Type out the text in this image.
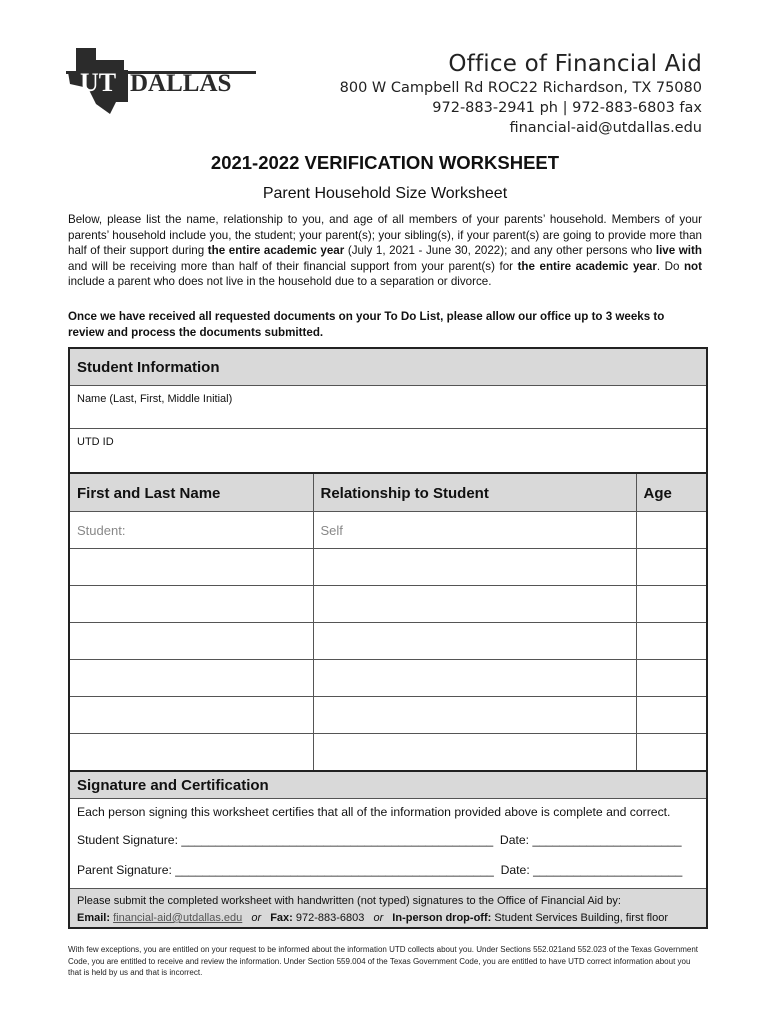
UT DALLAS
Office of Financial Aid
800 W Campbell Rd ROC22 Richardson, TX 75080
972-883-2941 ph | 972-883-6803 fax
financial-aid@utdallas.edu
2021-2022 VERIFICATION WORKSHEET
Parent Household Size Worksheet
Below, please list the name, relationship to you, and age of all members of your parents’ household. Members of your parents’ household include you, the student; your parent(s); your sibling(s), if your parent(s) are going to provide more than half of their support during the entire academic year (July 1, 2021 - June 30, 2022); and any other persons who live with and will be receiving more than half of their financial support from your parent(s) for the entire academic year. Do not include a parent who does not live in the household due to a separation or divorce.
Once we have received all requested documents on your To Do List, please allow our office up to 3 weeks to review and process the documents submitted.
Student Information
Name (Last, First, Middle Initial)
UTD ID
First and Last Name	Relationship to Student	Age
Student:	Self	

Signature and Certification
Each person signing this worksheet certifies that all of the information provided above is complete and correct.
Student Signature: ______________________________________________ Date: ______________________
Parent Signature: _______________________________________________ Date: ______________________
Please submit the completed worksheet with handwritten (not typed) signatures to the Office of Financial Aid by:
Email: financial-aid@utdallas.edu or Fax: 972-883-6803 or In-person drop-off: Student Services Building, first floor
With few exceptions, you are entitled on your request to be informed about the information UTD collects about you. Under Sections 552.021and 552.023 of the Texas Government Code, you are entitled to receive and review the information. Under Section 559.004 of the Texas Government Code, you are entitled to have UTD correct information about you that is held by us and that is incorrect.
